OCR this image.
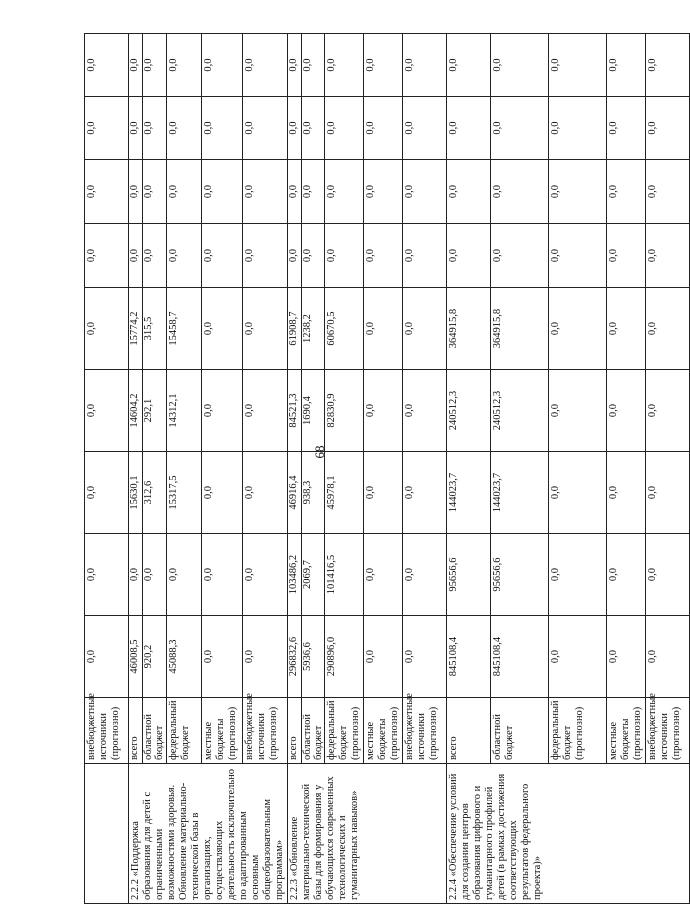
68
	внебюджетные источники (прогнозно)	0,0	0,0	0,0	0,0	0,0	0,0	0,0	0,0	0,0
2.2.2 «Поддержка образования для детей с ограниченными возможностями здоровья. Обновление материально-технической базы в организациях, осуществляющих деятельность исключительно по адаптированным основным общеобразовательным программам»	всего	46008,5	0,0	15630,1	14604,2	15774,2	0,0	0,0	0,0	0,0
	областной бюджет	920,2	0,0	312,6	292,1	315,5	0,0	0,0	0,0	0,0
	федеральный бюджет	45088,3	0,0	15317,5	14312,1	15458,7	0,0	0,0	0,0	0,0
	местные бюджеты (прогнозно)	0,0	0,0	0,0	0,0	0,0	0,0	0,0	0,0	0,0
	внебюджетные источники (прогнозно)	0,0	0,0	0,0	0,0	0,0	0,0	0,0	0,0	0,0
2.2.3 «Обновление материально-технической базы для формирования у обучающихся современных технологических и гуманитарных навыков»	всего	296832,6	103486,2	46916,4	84521,3	61908,7	0,0	0,0	0,0	0,0
	областной бюджет	5936,6	2069,7	938,3	1690,4	1238,2	0,0	0,0	0,0	0,0
	федеральный бюджет (прогнозно)	290896,0	101416,5	45978,1	82830,9	60670,5	0,0	0,0	0,0	0,0
	местные бюджеты (прогнозно)	0,0	0,0	0,0	0,0	0,0	0,0	0,0	0,0	0,0
	внебюджетные источники (прогнозно)	0,0	0,0	0,0	0,0	0,0	0,0	0,0	0,0	0,0
2.2.4 «Обеспечение условий для создания центров образования цифрового и гуманитарного профилей детей (в рамках достижения соответствующих результатов федерального проекта)»	всего	845108,4	95656,6	144023,7	240512,3	364915,8	0,0	0,0	0,0	0,0
	областной бюджет	845108,4	95656,6	144023,7	240512,3	364915,8	0,0	0,0	0,0	0,0
	федеральный бюджет (прогнозно)	0,0	0,0	0,0	0,0	0,0	0,0	0,0	0,0	0,0
	местные бюджеты (прогнозно)	0,0	0,0	0,0	0,0	0,0	0,0	0,0	0,0	0,0
	внебюджетные источники (прогнозно)	0,0	0,0	0,0	0,0	0,0	0,0	0,0	0,0	0,0
